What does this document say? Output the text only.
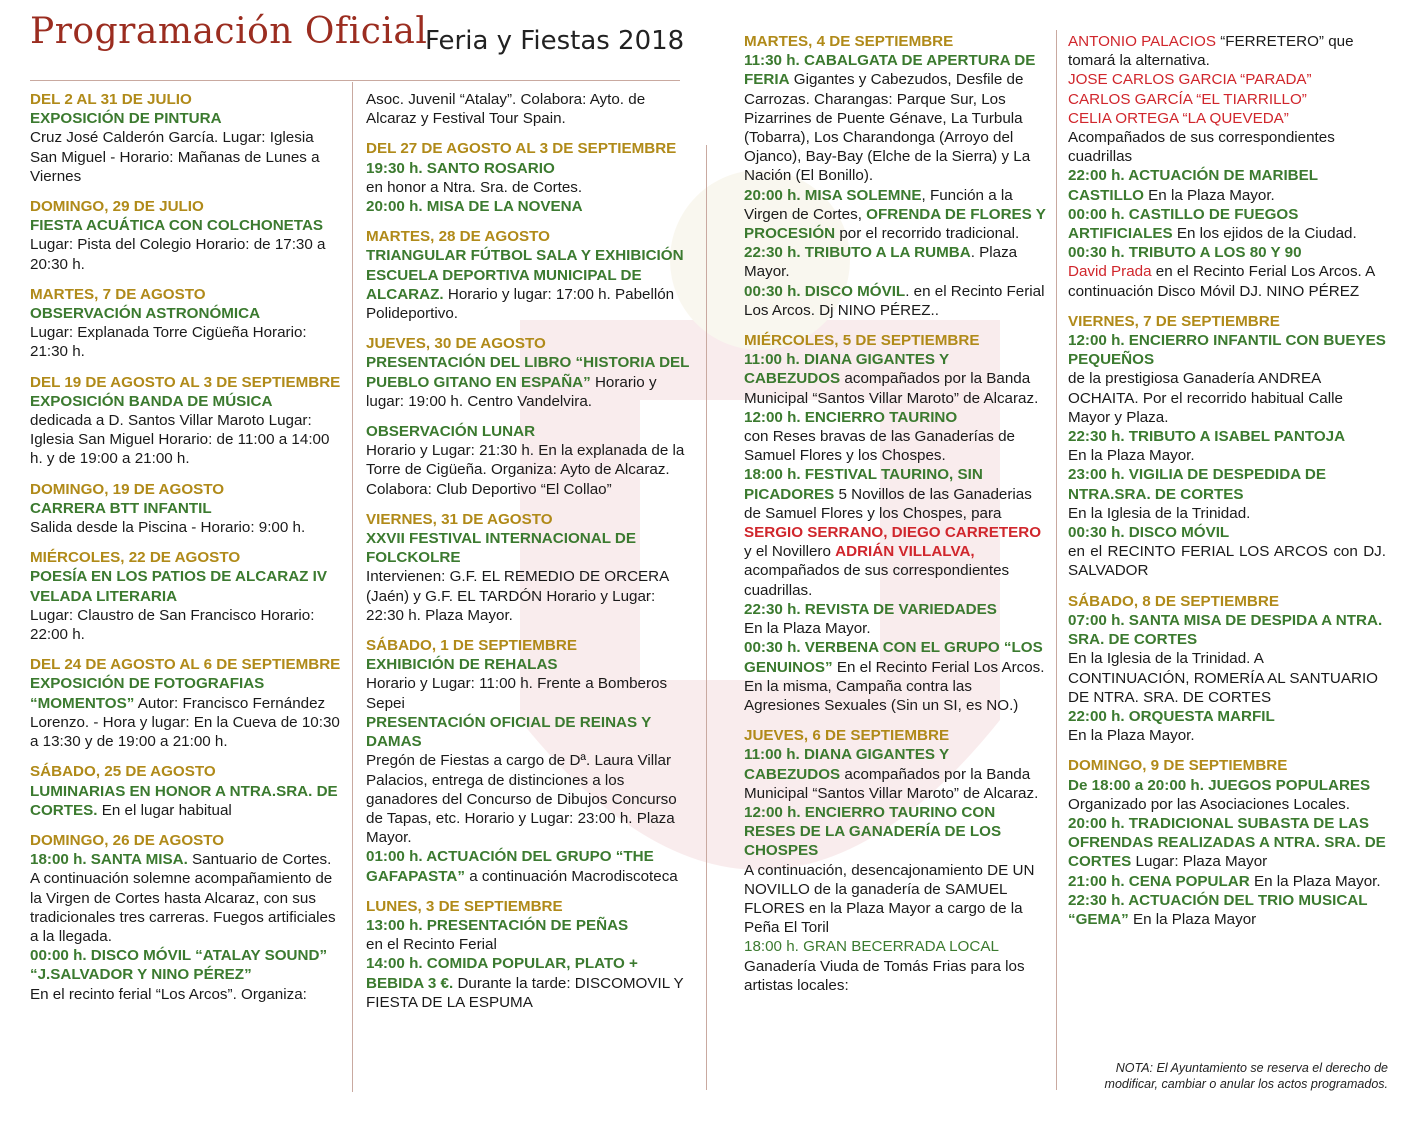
Programación Oficial
Feria y Fiestas 2018
DEL 2 AL 31 DE JULIO
EXPOSICIÓN DE PINTURA
Cruz José Calderón García. Lugar: Iglesia San Miguel - Horario: Mañanas de Lunes a Viernes
DOMINGO, 29 DE JULIO
FIESTA ACUÁTICA CON COLCHONETAS Lugar: Pista del Colegio Horario: de 17:30 a 20:30 h.
MARTES, 7 DE AGOSTO
OBSERVACIÓN ASTRONÓMICA
Lugar: Explanada Torre Cigüeña Horario: 21:30 h.
DEL 19 DE AGOSTO AL 3 DE SEPTIEMBRE
EXPOSICIÓN BANDA DE MÚSICA
dedicada a D. Santos Villar Maroto Lugar: Iglesia San Miguel Horario: de 11:00 a 14:00 h. y de 19:00 a 21:00 h.
DOMINGO, 19 DE AGOSTO
CARRERA BTT INFANTIL
Salida desde la Piscina - Horario: 9:00 h.
MIÉRCOLES, 22 DE AGOSTO
POESÍA EN LOS PATIOS DE ALCARAZ IV VELADA LITERARIA
Lugar: Claustro de San Francisco Horario: 22:00 h.
DEL 24 DE AGOSTO AL 6 DE SEPTIEMBRE
EXPOSICIÓN DE FOTOGRAFIAS “MOMENTOS” Autor: Francisco Fernández Lorenzo. - Hora y lugar: En la Cueva de 10:30 a 13:30 y de 19:00 a 21:00 h.
SÁBADO, 25 DE AGOSTO
LUMINARIAS EN HONOR A NTRA.SRA. DE CORTES. En el lugar habitual
DOMINGO, 26 DE AGOSTO
18:00 h. SANTA MISA. Santuario de Cortes. A continuación solemne acompañamiento de la Virgen de Cortes hasta Alcaraz, con sus tradicionales tres carreras. Fuegos artificiales a la llegada.
00:00 h. DISCO MÓVIL “ATALAY SOUND” “J.SALVADOR Y NINO PÉREZ”
En el recinto ferial “Los Arcos”. Organiza:
Asoc. Juvenil “Atalay”. Colabora: Ayto. de Alcaraz y Festival Tour Spain.
DEL 27 DE AGOSTO AL 3 DE SEPTIEMBRE
19:30 h. SANTO ROSARIO
en honor a Ntra. Sra. de Cortes.
20:00 h. MISA DE LA NOVENA
MARTES, 28 DE AGOSTO
TRIANGULAR FÚTBOL SALA Y EXHIBICIÓN ESCUELA DEPORTIVA MUNICIPAL DE ALCARAZ. Horario y lugar: 17:00 h. Pabellón Polideportivo.
JUEVES, 30 DE AGOSTO
PRESENTACIÓN DEL LIBRO “HISTORIA DEL PUEBLO GITANO EN ESPAÑA” Horario y lugar: 19:00 h. Centro Vandelvira.
OBSERVACIÓN LUNAR
Horario y Lugar: 21:30 h. En la explanada de la Torre de Cigüeña. Organiza: Ayto de Alcaraz. Colabora: Club Deportivo “El Collao”
VIERNES, 31 DE AGOSTO
XXVII FESTIVAL INTERNACIONAL DE FOLCKOLRE
Intervienen: G.F. EL REMEDIO DE ORCERA (Jaén) y G.F. EL TARDÓN Horario y Lugar: 22:30 h. Plaza Mayor.
SÁBADO, 1 DE SEPTIEMBRE
EXHIBICIÓN DE REHALAS
Horario y Lugar: 11:00 h. Frente a Bomberos Sepei
PRESENTACIÓN OFICIAL DE REINAS Y DAMAS
Pregón de Fiestas a cargo de Dª. Laura Villar Palacios, entrega de distinciones a los ganadores del Concurso de Dibujos Concurso de Tapas, etc. Horario y Lugar: 23:00 h. Plaza Mayor.
01:00 h. ACTUACIÓN DEL GRUPO “THE GAFAPASTA” a continuación Macrodiscoteca
LUNES, 3 DE SEPTIEMBRE
13:00 h. PRESENTACIÓN DE PEÑAS
en el Recinto Ferial
14:00 h. COMIDA POPULAR, PLATO + BEBIDA 3 €. Durante la tarde: DISCOMOVIL Y FIESTA DE LA ESPUMA
MARTES, 4 DE SEPTIEMBRE
11:30 h. CABALGATA DE APERTURA DE FERIA Gigantes y Cabezudos, Desfile de Carrozas. Charangas: Parque Sur, Los Pizarrines de Puente Génave, La Turbula (Tobarra), Los Charandonga (Arroyo del Ojanco), Bay-Bay (Elche de la Sierra) y La Nación (El Bonillo).
20:00 h. MISA SOLEMNE, Función a la Virgen de Cortes, OFRENDA DE FLORES Y PROCESIÓN por el recorrido tradicional.
22:30 h. TRIBUTO A LA RUMBA. Plaza Mayor.
00:30 h. DISCO MÓVIL. en el Recinto Ferial Los Arcos. Dj NINO PÉREZ..
MIÉRCOLES, 5 DE SEPTIEMBRE
11:00 h. DIANA GIGANTES Y CABEZUDOS acompañados por la Banda Municipal “Santos Villar Maroto” de Alcaraz.
12:00 h. ENCIERRO TAURINO
con Reses bravas de las Ganaderías de Samuel Flores y los Chospes.
18:00 h. FESTIVAL TAURINO, SIN PICADORES 5 Novillos de las Ganaderias de Samuel Flores y los Chospes, para SERGIO SERRANO, DIEGO CARRETERO y el Novillero ADRIÁN VILLALVA, acompañados de sus correspondientes cuadrillas.
22:30 h. REVISTA DE VARIEDADES
En la Plaza Mayor.
00:30 h. VERBENA CON EL GRUPO “LOS GENUINOS” En el Recinto Ferial Los Arcos. En la misma, Campaña contra las Agresiones Sexuales (Sin un SI, es NO.)
JUEVES, 6 DE SEPTIEMBRE
11:00 h. DIANA GIGANTES Y CABEZUDOS acompañados por la Banda Municipal “Santos Villar Maroto” de Alcaraz.
12:00 h. ENCIERRO TAURINO CON RESES DE LA GANADERÍA DE LOS CHOSPES
A continuación, desencajonamiento DE UN NOVILLO de la ganadería de SAMUEL FLORES en la Plaza Mayor a cargo de la Peña El Toril
18:00 h. GRAN BECERRADA LOCAL
Ganadería Viuda de Tomás Frias para los artistas locales:
ANTONIO PALACIOS “FERRETERO” que tomará la alternativa.
JOSE CARLOS GARCIA “PARADA”
CARLOS GARCÍA “EL TIARRILLO”
CELIA ORTEGA “LA QUEVEDA”
Acompañados de sus correspondientes cuadrillas
22:00 h. ACTUACIÓN DE MARIBEL CASTILLO En la Plaza Mayor.
00:00 h. CASTILLO DE FUEGOS ARTIFICIALES En los ejidos de la Ciudad.
00:30 h. TRIBUTO A LOS 80 Y 90
David Prada en el Recinto Ferial Los Arcos. A continuación Disco Móvil DJ. NINO PÉREZ
VIERNES, 7 DE SEPTIEMBRE
12:00 h. ENCIERRO INFANTIL CON BUEYES PEQUEÑOS
de la prestigiosa Ganadería ANDREA OCHAITA. Por el recorrido habitual Calle Mayor y Plaza.
22:30 h. TRIBUTO A ISABEL PANTOJA
En la Plaza Mayor.
23:00 h. VIGILIA DE DESPEDIDA DE NTRA.SRA. DE CORTES
En la Iglesia de la Trinidad.
00:30 h. DISCO MÓVIL
en el RECINTO FERIAL LOS ARCOS con DJ. SALVADOR
SÁBADO, 8 DE SEPTIEMBRE
07:00 h. SANTA MISA DE DESPIDA A NTRA. SRA. DE CORTES
En la Iglesia de la Trinidad. A CONTINUACIÓN, ROMERÍA AL SANTUARIO DE NTRA. SRA. DE CORTES
22:00 h. ORQUESTA MARFIL
En la Plaza Mayor.
DOMINGO, 9 DE SEPTIEMBRE
De 18:00 a 20:00 h. JUEGOS POPULARES Organizado por las Asociaciones Locales.
20:00 h. TRADICIONAL SUBASTA DE LAS OFRENDAS REALIZADAS A NTRA. SRA. DE CORTES Lugar: Plaza Mayor
21:00 h. CENA POPULAR En la Plaza Mayor.
22:30 h. ACTUACIÓN DEL TRIO MUSICAL “GEMA” En la Plaza Mayor
NOTA: El Ayuntamiento se reserva el derecho de modificar, cambiar o anular los actos programados.
